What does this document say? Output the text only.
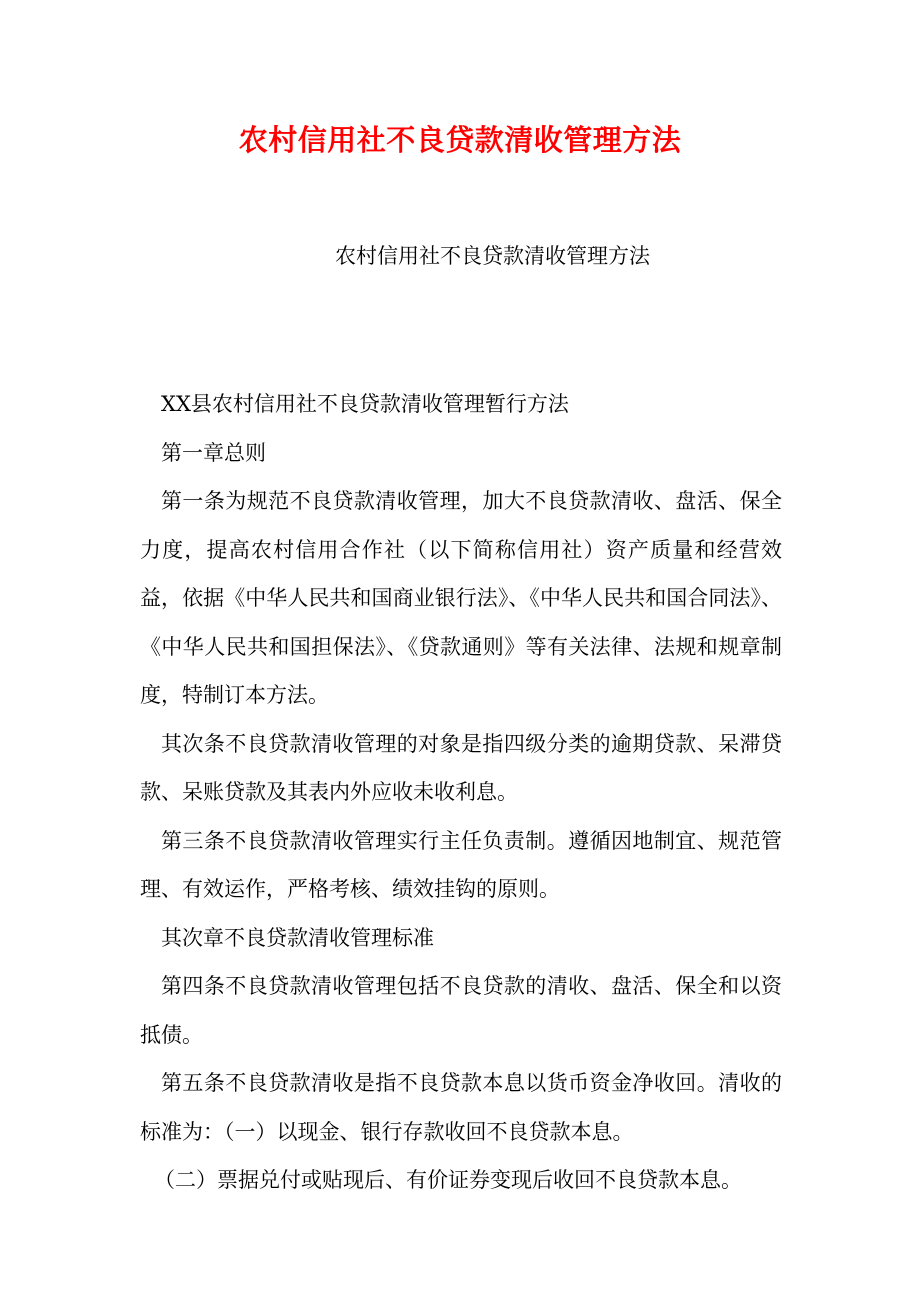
农村信用社不良贷款清收管理方法
农村信用社不良贷款清收管理方法

XX县农村信用社不良贷款清收管理暂行方法

第一章总则

第一条为规范不良贷款清收管理，加大不良贷款清收、盘活、保全力度，提高农村信用合作社（以下简称信用社）资产质量和经营效益，依据《中华人民共和国商业银行法》、《中华人民共和国合同法》、《中华人民共和国担保法》、《贷款通则》等有关法律、法规和规章制度，特制订本方法。

其次条不良贷款清收管理的对象是指四级分类的逾期贷款、呆滞贷款、呆账贷款及其表内外应收未收利息。

第三条不良贷款清收管理实行主任负责制。遵循因地制宜、规范管理、有效运作，严格考核、绩效挂钩的原则。

其次章不良贷款清收管理标准

第四条不良贷款清收管理包括不良贷款的清收、盘活、保全和以资抵债。

第五条不良贷款清收是指不良贷款本息以货币资金净收回。清收的标准为：（一）以现金、银行存款收回不良贷款本息。

（二）票据兑付或贴现后、有价证券变现后收回不良贷款本息。
